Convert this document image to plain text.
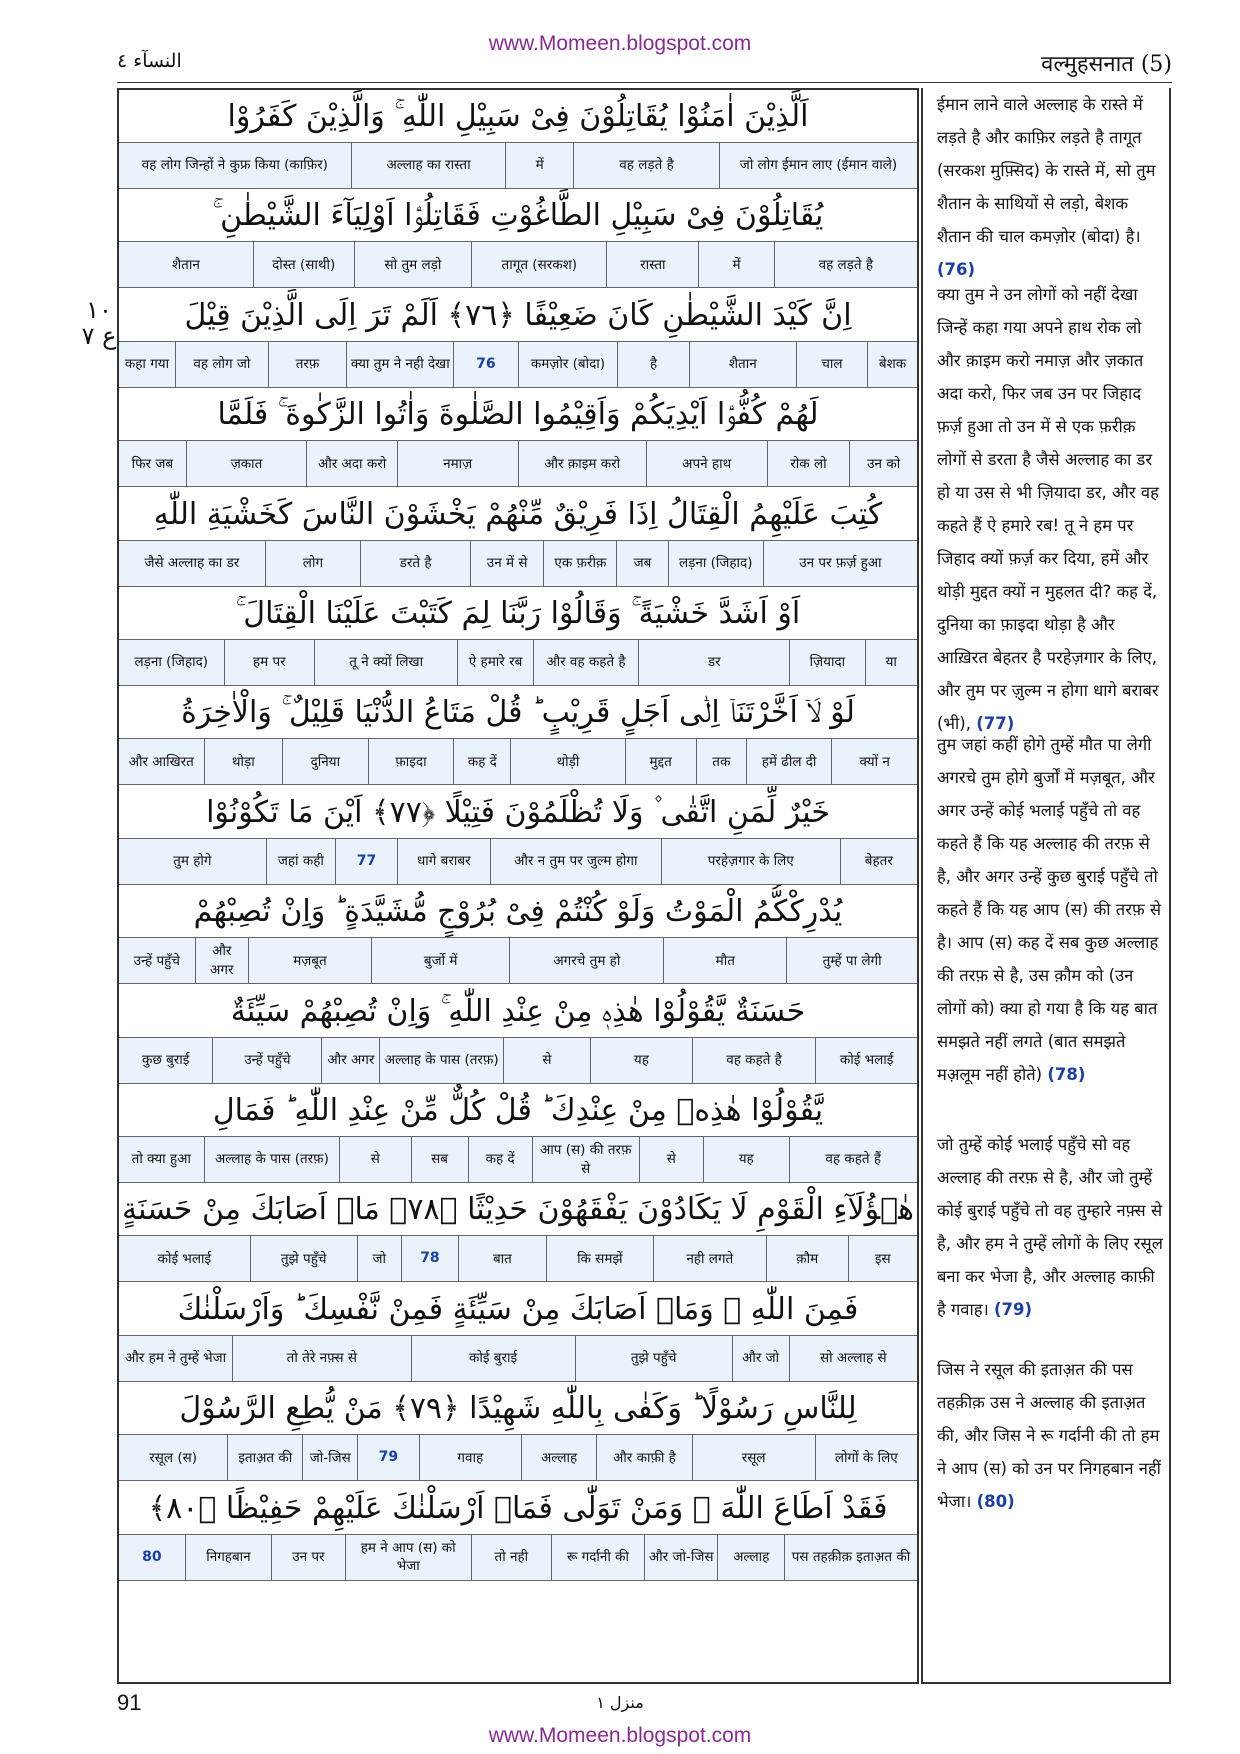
www.Momeen.blogspot.com
النسآء ٤	वल्मुहसनात (5)
١٠ ع ٧
اَلَّذِیْنَ اٰمَنُوْا یُقَاتِلُوْنَ فِیْ سَبِیْلِ اللّٰهِ ۚ وَالَّذِیْنَ كَفَرُوْا
जो लोग ईमान लाए (ईमान वाले)
वह लड़ते है
में
अल्लाह का रास्ता
वह लोग जिन्हों ने कुफ्र किया (काफ़िर)
یُقَاتِلُوْنَ فِیْ سَبِیْلِ الطَّاغُوْتِ فَقَاتِلُوْۤا اَوْلِیَآءَ الشَّیْطٰنِ ۚ
वह लड़ते है
में
रास्ता
तागूत (सरकश)
सो तुम लड़ो
दोस्त (साथी)
शैतान
اِنَّ كَیْدَ الشَّیْطٰنِ كَانَ ضَعِیْفًا ﴿٧٦﴾ اَلَمْ تَرَ اِلَی الَّذِیْنَ قِیْلَ
बेशक
चाल
शैतान
है
कमज़ोर (बोदा)
76
क्या तुम ने नही देखा
तरफ़
वह लोग जो
कहा गया
لَهُمْ كُفُّوْۤا اَیْدِیَكُمْ وَاَقِیْمُوا الصَّلٰوةَ وَاٰتُوا الزَّكٰوةَ ۚ فَلَمَّا
उन को
रोक लो
अपने हाथ
और क़ाइम करो
नमाज़
और अदा करो
ज़कात
फिर जब
كُتِبَ عَلَیْهِمُ الْقِتَالُ اِذَا فَرِیْقٌ مِّنْهُمْ یَخْشَوْنَ النَّاسَ كَخَشْیَةِ اللّٰهِ
उन पर फ़र्ज़ हुआ
लड़ना (जिहाद)
जब
एक फ़रीक़
उन में से
डरते है
लोग
जैसे अल्लाह का डर
اَوْ اَشَدَّ خَشْیَةً ۚ وَقَالُوْا رَبَّنَا لِمَ كَتَبْتَ عَلَیْنَا الْقِتَالَ ۚ
या
ज़ियादा
डर
और वह कहते है
ऐ हमारे रब
तू ने क्यों लिखा
हम पर
लड़ना (जिहाद)
لَوْ لَاۤ اَخَّرْتَنَاۤ اِلٰۤی اَجَلٍ قَرِیْبٍ ؕ قُلْ مَتَاعُ الدُّنْیَا قَلِیْلٌ ۚ وَالْاٰخِرَةُ
क्यों न
हमें ढील दी
तक
मुद्दत
थोड़ी
कह दें
फ़ाइदा
दुनिया
थोड़ा
और आखिरत
خَیْرٌ لِّمَنِ اتَّقٰی ۫ وَلَا تُظْلَمُوْنَ فَتِیْلًا ﴿٧٧﴾ اَیْنَ مَا تَكُوْنُوْا
बेहतर
परहेज़गार के लिए
और न तुम पर जुल्म होगा
धागे बराबर
77
जहां कही
तुम होगे
یُدْرِكْكُّمُ الْمَوْتُ وَلَوْ كُنْتُمْ فِیْ بُرُوْجٍ مُّشَیَّدَةٍ ؕ وَاِنْ تُصِبْهُمْ
तुम्हें पा लेगी
मौत
अगरचे तुम हो
बुर्जो में
मज़बूत
और अगर
उन्हें पहुँचे
حَسَنَةٌ یَّقُوْلُوْا هٰذِهٖ مِنْ عِنْدِ اللّٰهِ ۚ وَاِنْ تُصِبْهُمْ سَیِّئَةٌ
कोई भलाई
वह कहते है
यह
से
अल्लाह के पास (तरफ़)
और अगर
उन्हें पहुँचे
कुछ बुराई
یَّقُوْلُوْا هٰذِهٖ مِنْ عِنْدِكَ ؕ قُلْ كُلٌّ مِّنْ عِنْدِ اللّٰهِ ؕ فَمَالِ
वह कहते हैं
यह
से
आप (स) की तरफ़ से
कह दें
सब
से
अल्लाह के पास (तरफ़)
तो क्या हुआ
هٰۤؤُلَآءِ الْقَوْمِ لَا یَكَادُوْنَ یَفْقَهُوْنَ حَدِیْثًا ﴿٧٨﴾ مَاۤ اَصَابَكَ مِنْ حَسَنَةٍ
इस
क़ौम
नही लगते
कि समझें
बात
78
जो
तुझे पहुँचे
कोई भलाई
فَمِنَ اللّٰهِ ۫ وَمَاۤ اَصَابَكَ مِنْ سَیِّئَةٍ فَمِنْ نَّفْسِكَ ؕ وَاَرْسَلْنٰكَ
सो अल्लाह से
और जो
तुझे पहुँचे
कोई बुराई
तो तेरे नफ़्स से
और हम ने तुम्हें भेजा
لِلنَّاسِ رَسُوْلًا ؕ وَكَفٰی بِاللّٰهِ شَهِیْدًا ﴿٧٩﴾ مَنْ یُّطِعِ الرَّسُوْلَ
लोगों के लिए
रसूल
और काफ़ी है
अल्लाह
गवाह
79
जो-जिस
इताअ़त की
रसूल (स)
فَقَدْ اَطَاعَ اللّٰهَ ۚ وَمَنْ تَوَلّٰی فَمَاۤ اَرْسَلْنٰكَ عَلَیْهِمْ حَفِیْظًا ﴿٨٠﴾
पस तहक़ीक़ इताअ़त की
अल्लाह
और जो-जिस
रू गर्दानी की
तो नही
हम ने आप (स) को भेजा
उन पर
निगहबान
80
ईमान लाने वाले अल्लाह के रास्ते में लड़ते है और काफ़िर लड़ते है तागूत (सरकश मुफ़्सिद) के रास्ते में, सो तुम शैतान के साथियों से लड़ो, बेशक शैतान की चाल कमज़ोर (बोदा) है। (76)
क्या तुम ने उन लोगों को नहीं देखा जिन्हें कहा गया अपने हाथ रोक लो और क़ाइम करो नमाज़ और ज़कात अदा करो, फिर जब उन पर जिहाद फ़र्ज़ हुआ तो उन में से एक फ़रीक़ लोगों से डरता है जैसे अल्लाह का डर हो या उस से भी ज़ियादा डर, और वह कहते हैं ऐ हमारे रब! तू ने हम पर जिहाद क्यों फ़र्ज़ कर दिया, हमें और थोड़ी मुद्दत क्यों न मुहलत दी? कह दें, दुनिया का फ़ाइदा थोड़ा है और आख़िरत बेहतर है परहेज़गार के लिए, और तुम पर ज़ुल्म न होगा धागे बराबर (भी), (77)
तुम जहां कहीं होगे तुम्हें मौत पा लेगी अगरचे तुम होगे बुर्जों में मज़बूत, और अगर उन्हें कोई भलाई पहुँचे तो वह कहते हैं कि यह अल्लाह की तरफ़ से है, और अगर उन्हें कुछ बुराई पहुँचे तो कहते हैं कि यह आप (स) की तरफ़ से है। आप (स) कह दें सब कुछ अल्लाह की तरफ़ से है, उस क़ौम को (उन लोगों को) क्या हो गया है कि यह बात समझते नहीं लगते (बात समझते मअ़लूम नहीं होते) (78)
जो तुम्हें कोई भलाई पहुँचे सो वह अल्लाह की तरफ़ से है, और जो तुम्हें कोई बुराई पहुँचे तो वह तुम्हारे नफ़्स से है, और हम ने तुम्हें लोगों के लिए रसूल बना कर भेजा है, और अल्लाह काफ़ी है गवाह। (79)
जिस ने रसूल की इताअ़त की पस तहक़ीक़ उस ने अल्लाह की इताअ़त की, और जिस ने रू गर्दानी की तो हम ने आप (स) को उन पर निगहबान नहीं भेजा। (80)
91	منزل ۱
www.Momeen.blogspot.com
